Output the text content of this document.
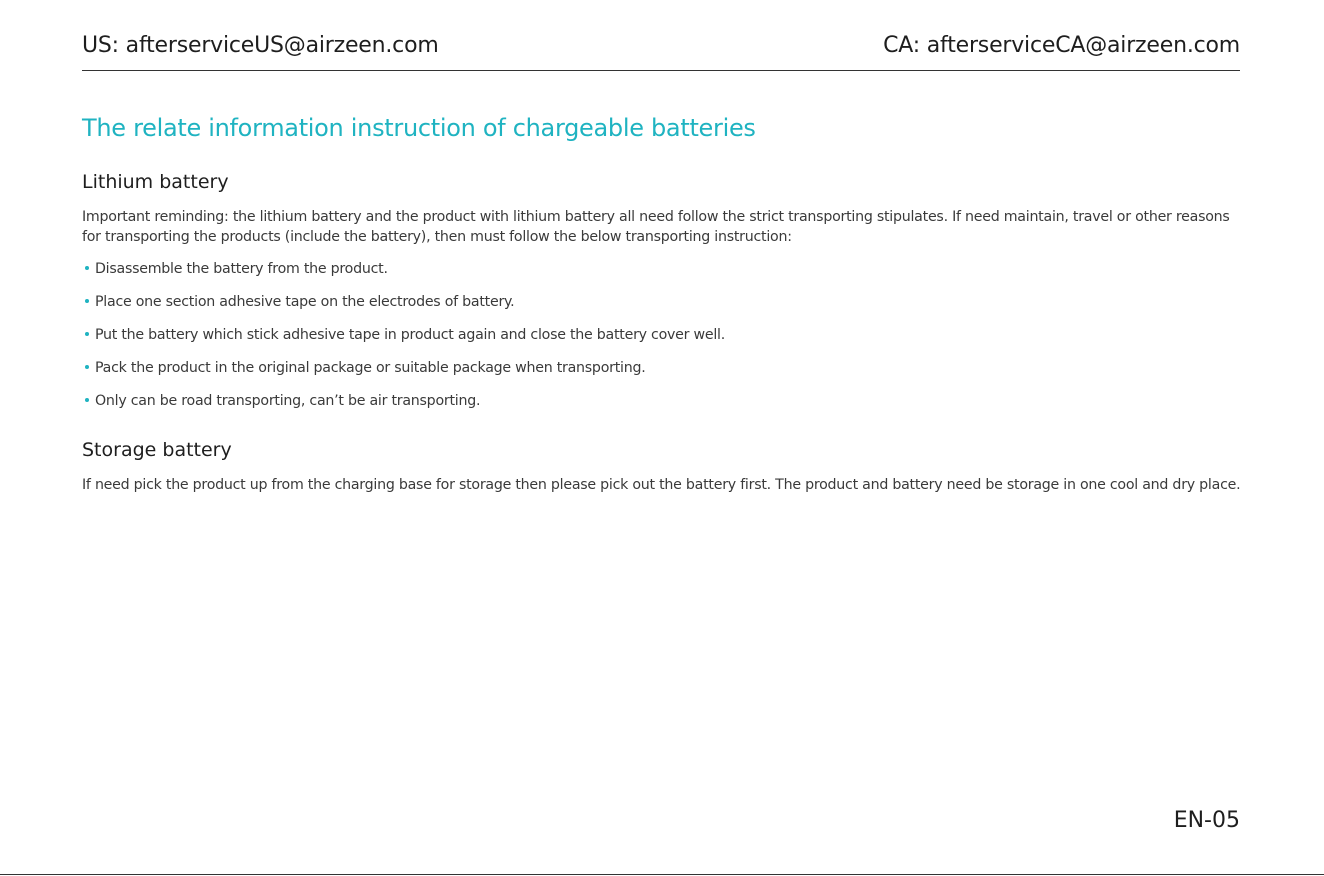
US: afterserviceUS@airzeen.com	CA: afterserviceCA@airzeen.com
The relate information instruction of chargeable batteries
Lithium battery

Important reminding: the lithium battery and the product with lithium battery all need follow the strict transporting stipulates. If need maintain, travel or other reasons for transporting the products (include the battery), then must follow the below transporting instruction:

Disassemble the battery from the product.
Place one section adhesive tape on the electrodes of battery.
Put the battery which stick adhesive tape in product again and close the battery cover well.
Pack the product in the original package or suitable package when transporting.
Only can be road transporting, can’t be air transporting.
Storage battery

If need pick the product up from the charging base for storage then please pick out the battery first. The product and battery need be storage in one cool and dry place.

EN-05
